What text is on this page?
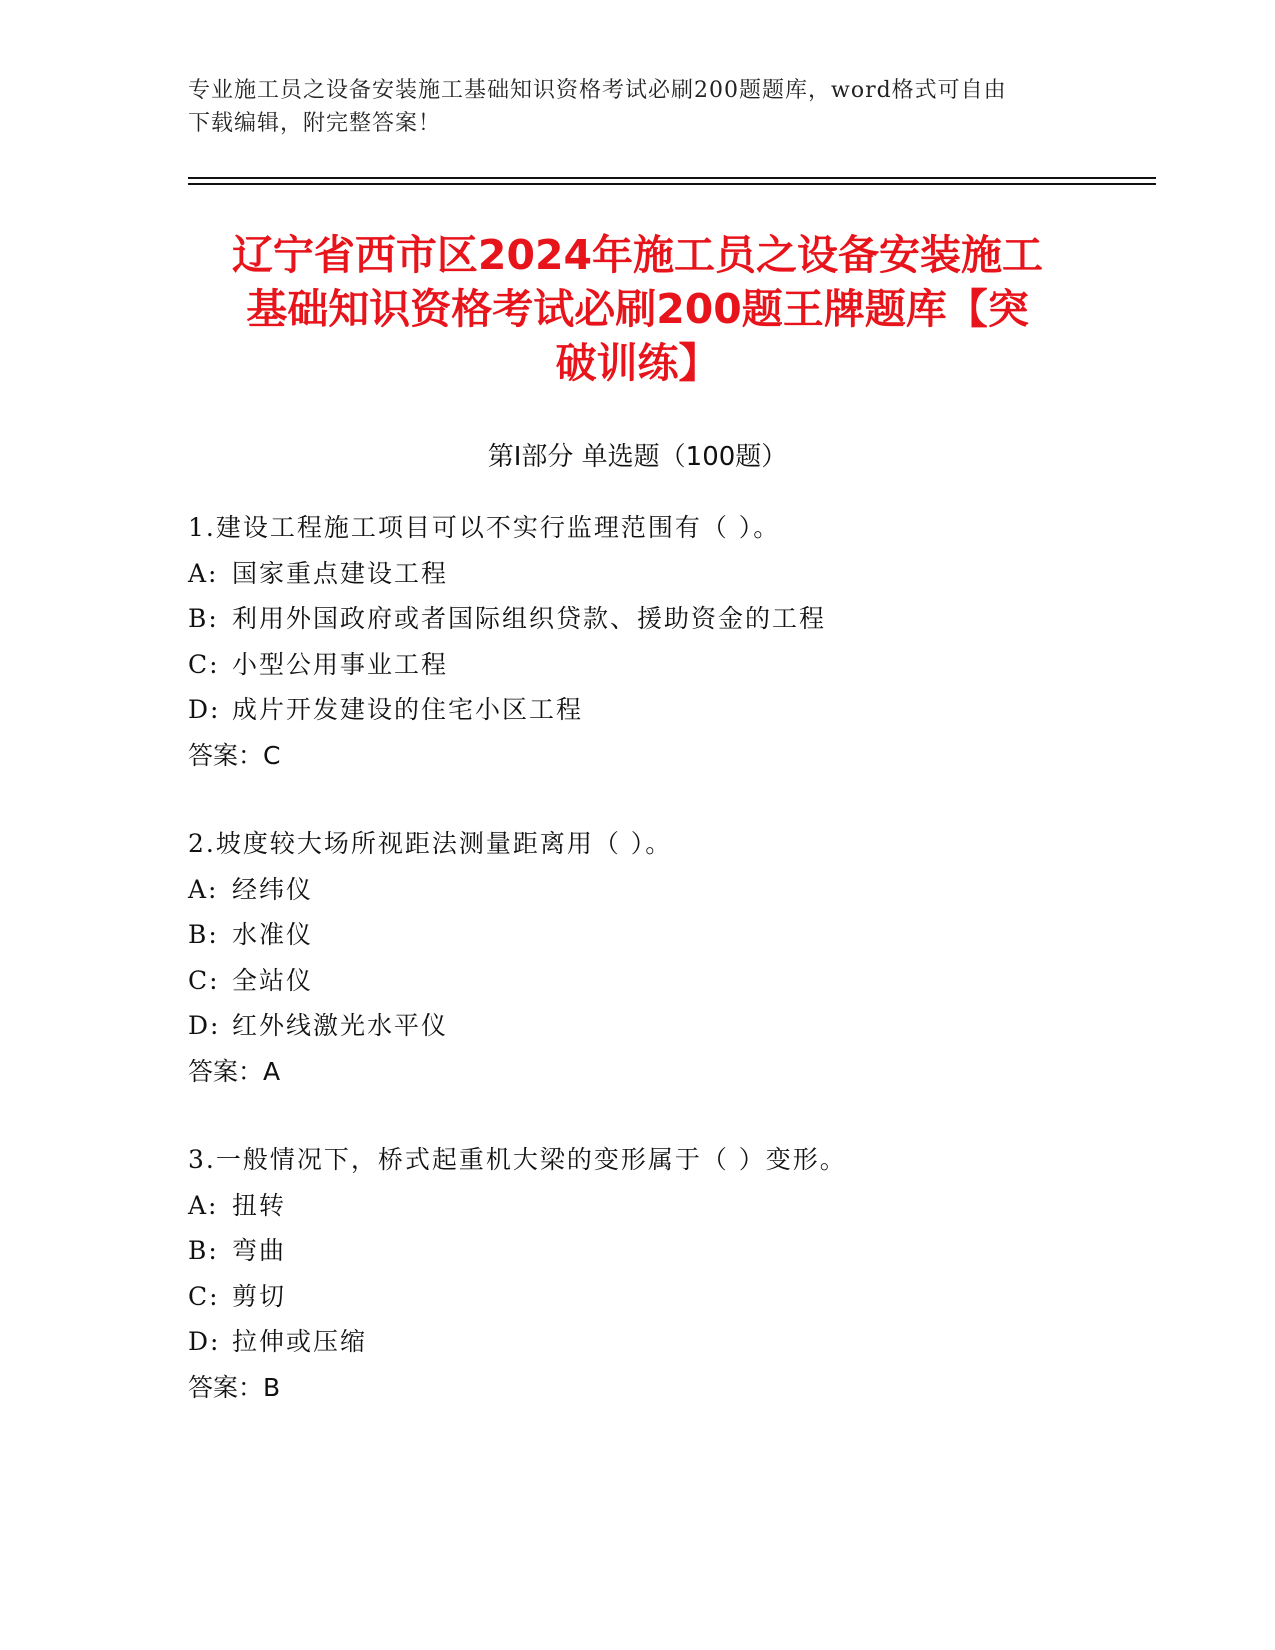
专业施工员之设备安装施工基础知识资格考试必刷200题题库，word格式可自由
下载编辑，附完整答案！
辽宁省西市区2024年施工员之设备安装施工
基础知识资格考试必刷200题王牌题库【突
破训练】
第Ⅰ部分 单选题（100题）
1.建设工程施工项目可以不实行监理范围有（ ）。
A: 国家重点建设工程
B: 利用外国政府或者国际组织贷款、援助资金的工程
C: 小型公用事业工程
D: 成片开发建设的住宅小区工程
答案：C
2.坡度较大场所视距法测量距离用（ ）。
A: 经纬仪
B: 水准仪
C: 全站仪
D: 红外线激光水平仪
答案：A
3.一般情况下，桥式起重机大梁的变形属于（ ）变形。
A: 扭转
B: 弯曲
C: 剪切
D: 拉伸或压缩
答案：B
